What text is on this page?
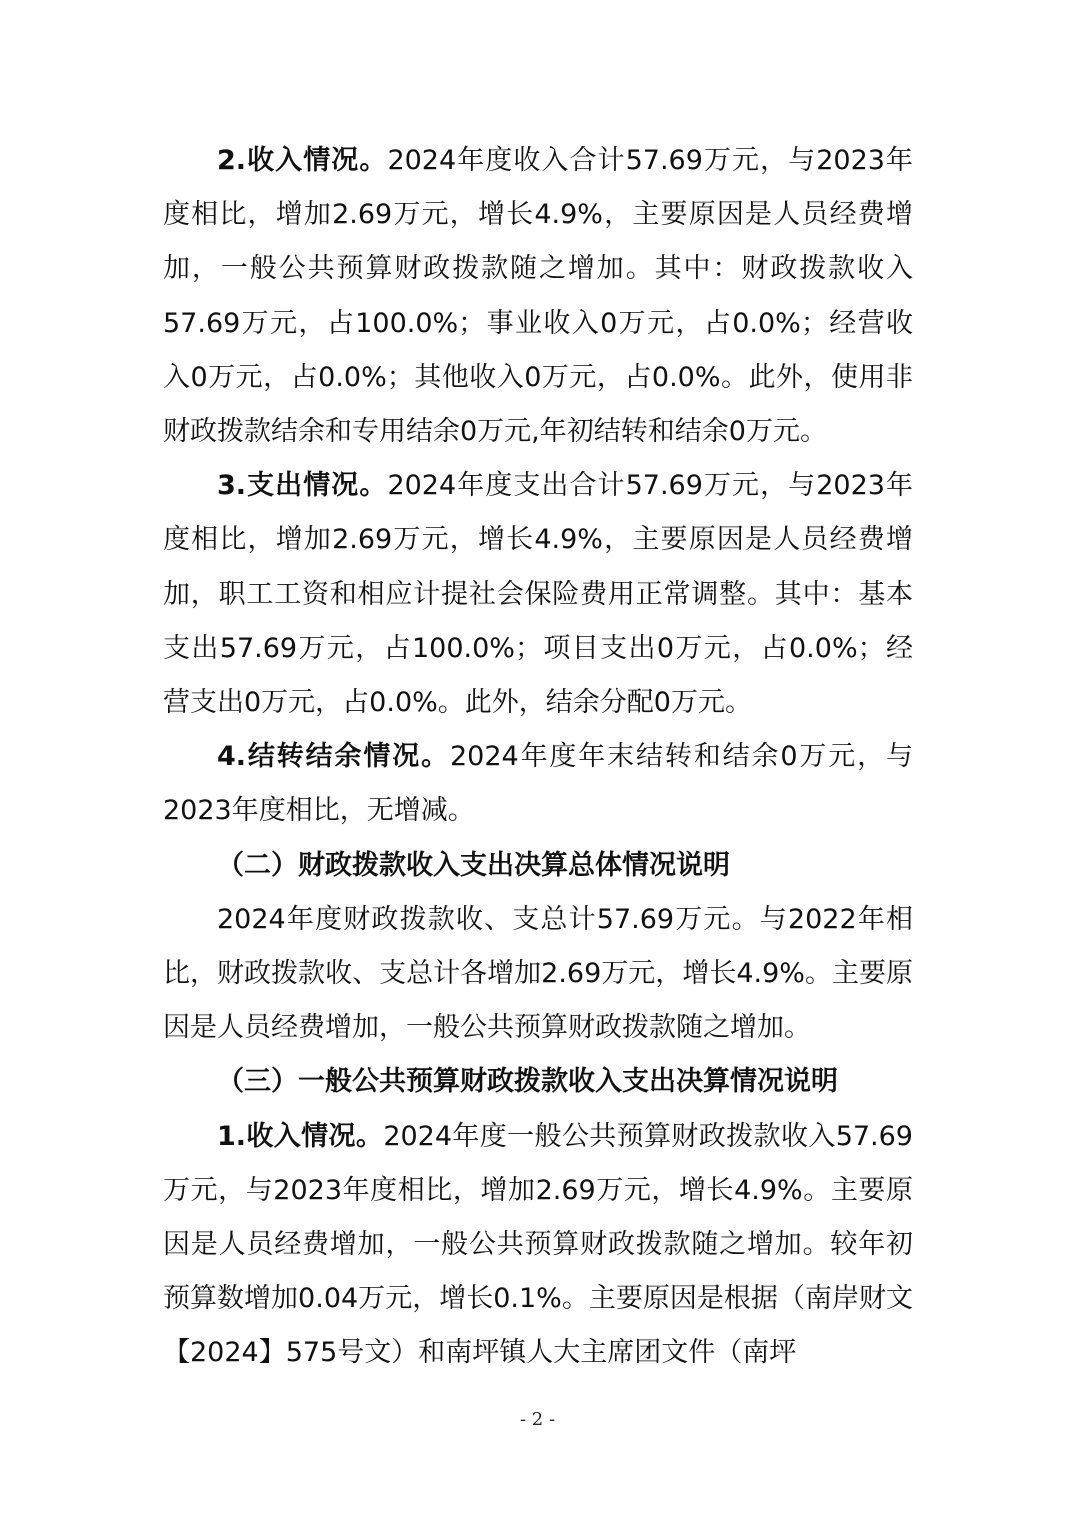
2.收入情况。2024年度收入合计57.69万元，与2023年度相比，增加2.69万元，增长4.9%，主要原因是人员经费增加，一般公共预算财政拨款随之增加。其中：财政拨款收入57.69万元，占100.0%；事业收入0万元，占0.0%；经营收入0万元，占0.0%；其他收入0万元，占0.0%。此外，使用非财政拨款结余和专用结余0万元,年初结转和结余0万元。

3.支出情况。2024年度支出合计57.69万元，与2023年度相比，增加2.69万元，增长4.9%，主要原因是人员经费增加，职工工资和相应计提社会保险费用正常调整。其中：基本支出57.69万元，占100.0%；项目支出0万元，占0.0%；经营支出0万元，占0.0%。此外，结余分配0万元。

4.结转结余情况。2024年度年末结转和结余0万元，与2023年度相比，无增减。

（二）财政拨款收入支出决算总体情况说明

2024年度财政拨款收、支总计57.69万元。与2022年相比，财政拨款收、支总计各增加2.69万元，增长4.9%。主要原因是人员经费增加，一般公共预算财政拨款随之增加。

（三）一般公共预算财政拨款收入支出决算情况说明

1.收入情况。2024年度一般公共预算财政拨款收入57.69万元，与2023年度相比，增加2.69万元，增长4.9%。主要原因是人员经费增加，一般公共预算财政拨款随之增加。较年初预算数增加0.04万元，增长0.1%。主要原因是根据（南岸财文【2024】575号文）和南坪镇人大主席团文件（南坪

- 2 -
